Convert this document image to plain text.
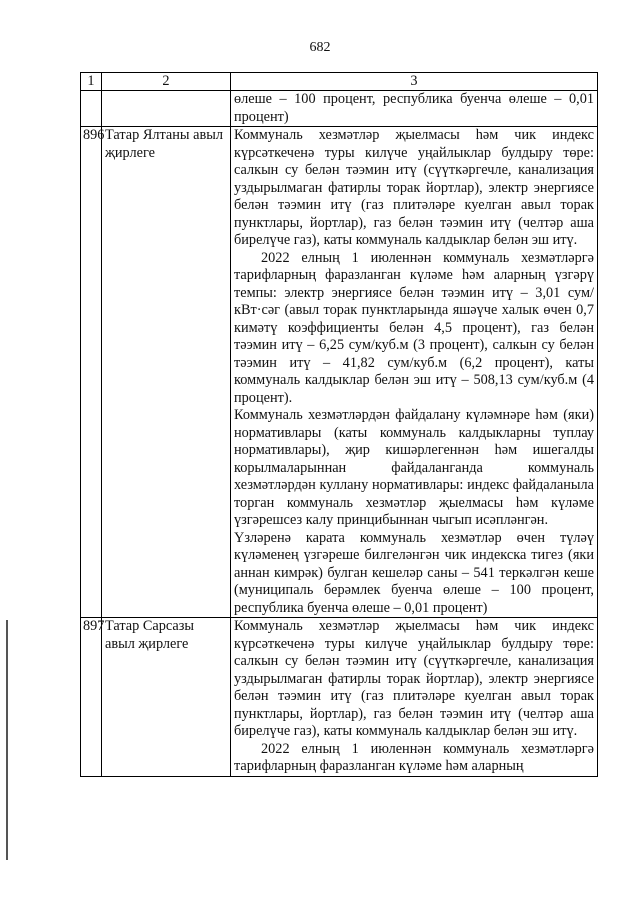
682
1	2	3

		өлеше – 100 процент, республика буенча өлеше – 0,01 процент)

896	Татар Ялтаны авыл җирлеге	Коммуналь хезмәтләр җыелмасы һәм чик индекс күрсәткеченә туры килүче уңайлыклар булдыру төре: салкын су белән тәэмин итү (сүүткәргечле, канализация уздырылмаган фатирлы торак йортлар), электр энергиясе белән тәэмин итү (газ плитәләре куелган авыл торак пунктлары, йортлар), газ белән тәэмин итү (челтәр аша бирелүче газ), каты коммуналь калдыклар белән эш итү.

2022 елның 1 июленнән коммуналь хезмәтләргә тарифларның фаразланган күләме һәм аларның үзгәрү темпы: электр энергиясе белән тәэмин итү – 3,01 сум/кВт·сәг (авыл торак пунктларында яшәүче халык өчен 0,7 кимәтү коэффициенты белән 4,5 процент), газ белән тәэмин итү – 6,25 сум/куб.м (3 процент), салкын су белән тәэмин итү – 41,82 сум/куб.м (6,2 процент), каты коммуналь калдыклар белән эш итү – 508,13 сум/куб.м (4 процент).

Коммуналь хезмәтләрдән файдалану күләмнәре һәм (яки) нормативлары (каты коммуналь калдыкларны туплау нормативлары), җир кишәрлегеннән һәм ишегалды корылмаларыннан файдаланганда коммуналь хезмәтләрдән куллану нормативлары: индекс файдаланыла торган коммуналь хезмәтләр җыелмасы һәм күләме үзгәрешсез калу принцибыннан чыгып исәпләнгән.

Үзләренә карата коммуналь хезмәтләр өчен түләү күләменең үзгәреше билгеләнгән чик индекска тигез (яки аннан кимрәк) булган кешеләр саны – 541 теркәлгән кеше (муниципаль берәмлек буенча өлеше – 100 процент, республика буенча өлеше – 0,01 процент)

897	Татар Сарсазы авыл җирлеге	Коммуналь хезмәтләр җыелмасы һәм чик индекс күрсәткеченә туры килүче уңайлыклар булдыру төре: салкын су белән тәэмин итү (сүүткәргечле, канализация уздырылмаган фатирлы торак йортлар), электр энергиясе белән тәэмин итү (газ плитәләре куелган авыл торак пунктлары, йортлар), газ белән тәэмин итү (челтәр аша бирелүче газ), каты коммуналь калдыклар белән эш итү.

2022 елның 1 июленнән коммуналь хезмәтләргә тарифларның фаразланган күләме һәм аларның
